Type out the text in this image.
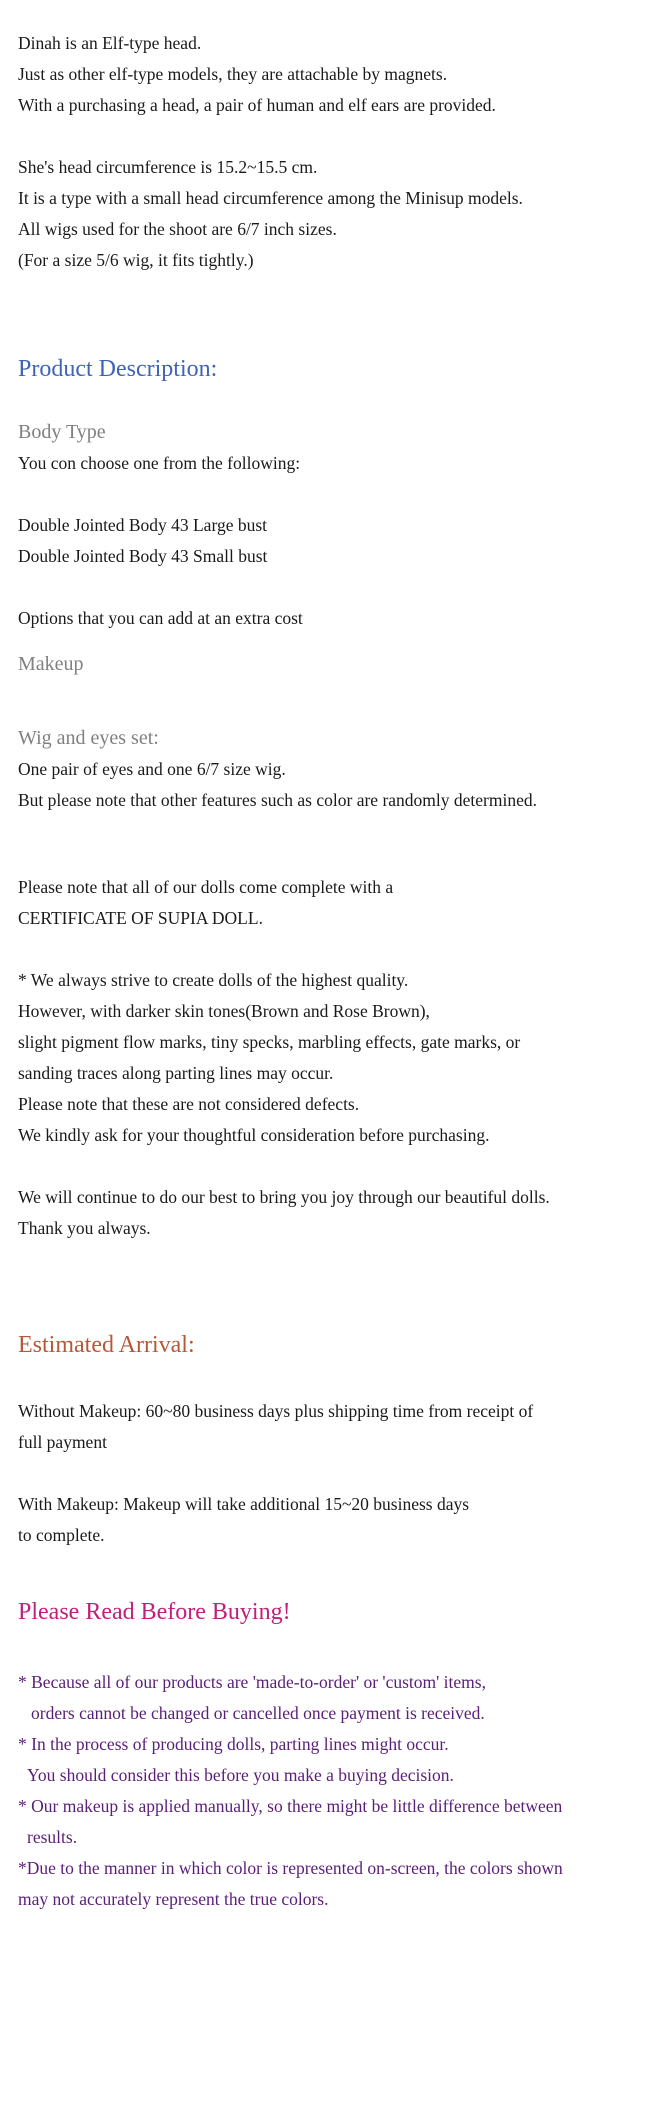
Dinah is an Elf-type head.

Just as other elf-type models, they are attachable by magnets.

With a purchasing a head, a pair of human and elf ears are provided.

She's head circumference is 15.2~15.5 cm.

It is a type with a small head circumference among the Minisup models.

All wigs used for the shoot are 6/7 inch sizes.

(For a size 5/6 wig, it fits tightly.)

Product Description:
Body Type

You con choose one from the following:

Double Jointed Body 43 Large bust

Double Jointed Body 43 Small bust

Options that you can add at an extra cost

Makeup
Wig and eyes set:

One pair of eyes and one 6/7 size wig.

But please note that other features such as color are randomly determined.

Please note that all of our dolls come complete with a

CERTIFICATE OF SUPIA DOLL.

* We always strive to create dolls of the highest quality.

However, with darker skin tones(Brown and Rose Brown),

slight pigment flow marks, tiny specks, marbling effects, gate marks, or

sanding traces along parting lines may occur.

Please note that these are not considered defects.

We kindly ask for your thoughtful consideration before purchasing.

We will continue to do our best to bring you joy through our beautiful dolls.

Thank you always.

Estimated Arrival:

Without Makeup: 60~80 business days plus shipping time from receipt of

full payment

With Makeup: Makeup will take additional 15~20 business days

to complete.

Please Read Before Buying!

* Because all of our products are 'made-to-order' or 'custom' items,

orders cannot be changed or cancelled once payment is received.

* In the process of producing dolls, parting lines might occur.

You should consider this before you make a buying decision.

* Our makeup is applied manually, so there might be little difference between

results.

*Due to the manner in which color is represented on-screen, the colors shown

may not accurately represent the true colors.
